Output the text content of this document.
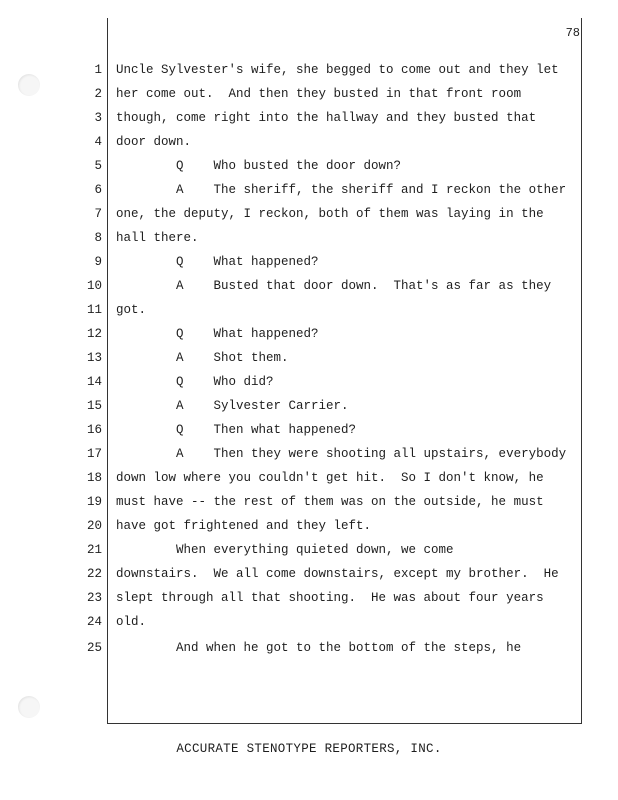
78
1 Uncle Sylvester's wife, she begged to come out and they let
2 her come out.  And then they busted in that front room
3 though, come right into the hallway and they busted that
4 door down.
5 Q    Who busted the door down?
6 A    The sheriff, the sheriff and I reckon the other
7 one, the deputy, I reckon, both of them was laying in the
8 hall there.
9 Q    What happened?
10 A    Busted that door down.  That's as far as they
11 got.
12 Q    What happened?
13 A    Shot them.
14 Q    Who did?
15 A    Sylvester Carrier.
16 Q    Then what happened?
17 A    Then they were shooting all upstairs, everybody
18 down low where you couldn't get hit.  So I don't know, he
19 must have -- the rest of them was on the outside, he must
20 have got frightened and they left.
21 When everything quieted down, we come
22 downstairs.  We all come downstairs, except my brother.  He
23 slept through all that shooting.  He was about four years
24 old.
25 And when he got to the bottom of the steps, he
ACCURATE STENOTYPE REPORTERS, INC.
